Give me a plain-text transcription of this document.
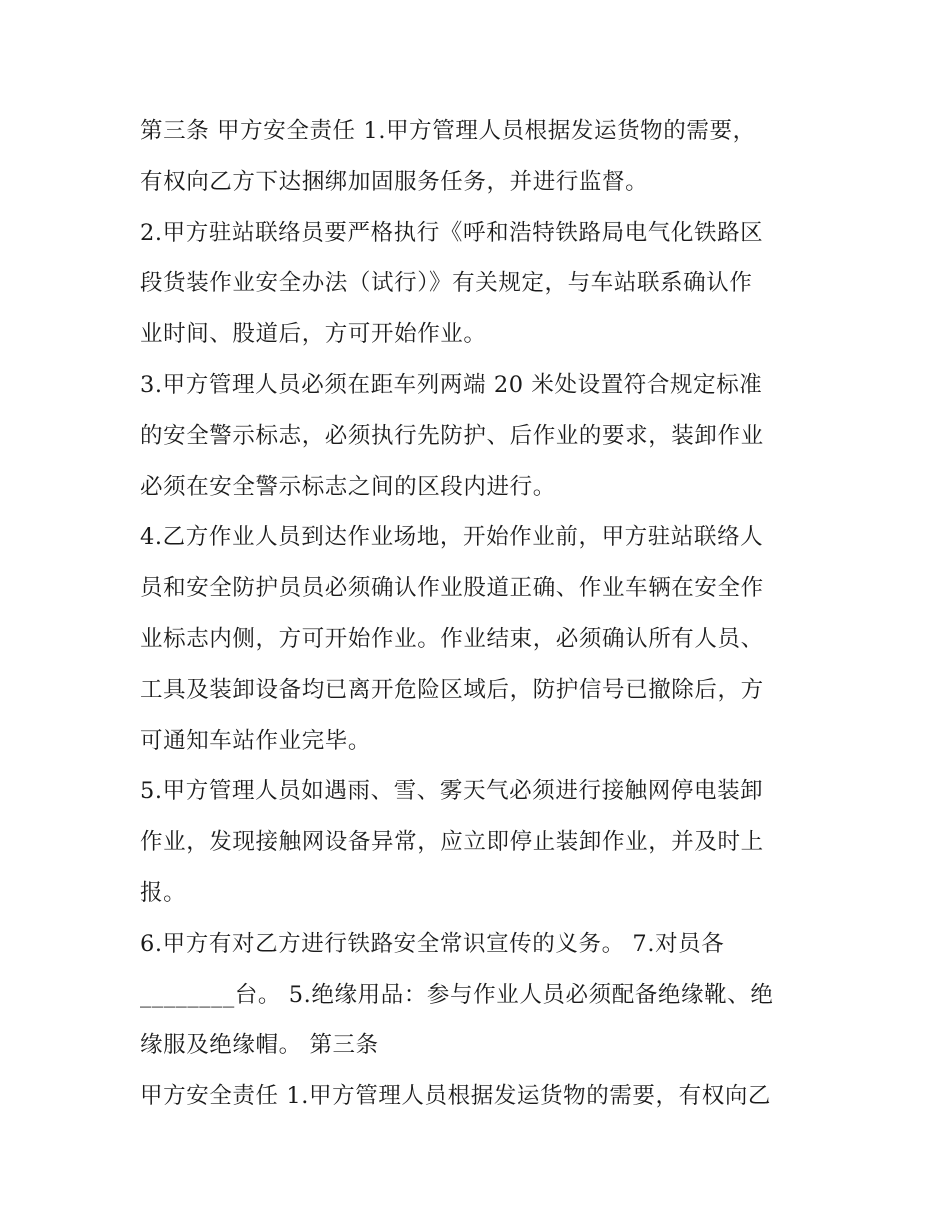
第三条 甲方安全责任 1.甲方管理人员根据发运货物的需要，
有权向乙方下达捆绑加固服务任务，并进行监督。
2.甲方驻站联络员要严格执行《呼和浩特铁路局电气化铁路区
段货装作业安全办法（试行）》有关规定，与车站联系确认作
业时间、股道后，方可开始作业。
3.甲方管理人员必须在距车列两端 20 米处设置符合规定标准
的安全警示标志，必须执行先防护、后作业的要求，装卸作业
必须在安全警示标志之间的区段内进行。
4.乙方作业人员到达作业场地，开始作业前，甲方驻站联络人
员和安全防护员员必须确认作业股道正确、作业车辆在安全作
业标志内侧，方可开始作业。作业结束，必须确认所有人员、
工具及装卸设备均已离开危险区域后，防护信号已撤除后，方
可通知车站作业完毕。
5.甲方管理人员如遇雨、雪、雾天气必须进行接触网停电装卸
作业，发现接触网设备异常，应立即停止装卸作业，并及时上
报。
6.甲方有对乙方进行铁路安全常识宣传的义务。 7.对员各
________台。 5.绝缘用品：参与作业人员必须配备绝缘靴、绝
缘服及绝缘帽。 第三条
甲方安全责任 1.甲方管理人员根据发运货物的需要，有权向乙
